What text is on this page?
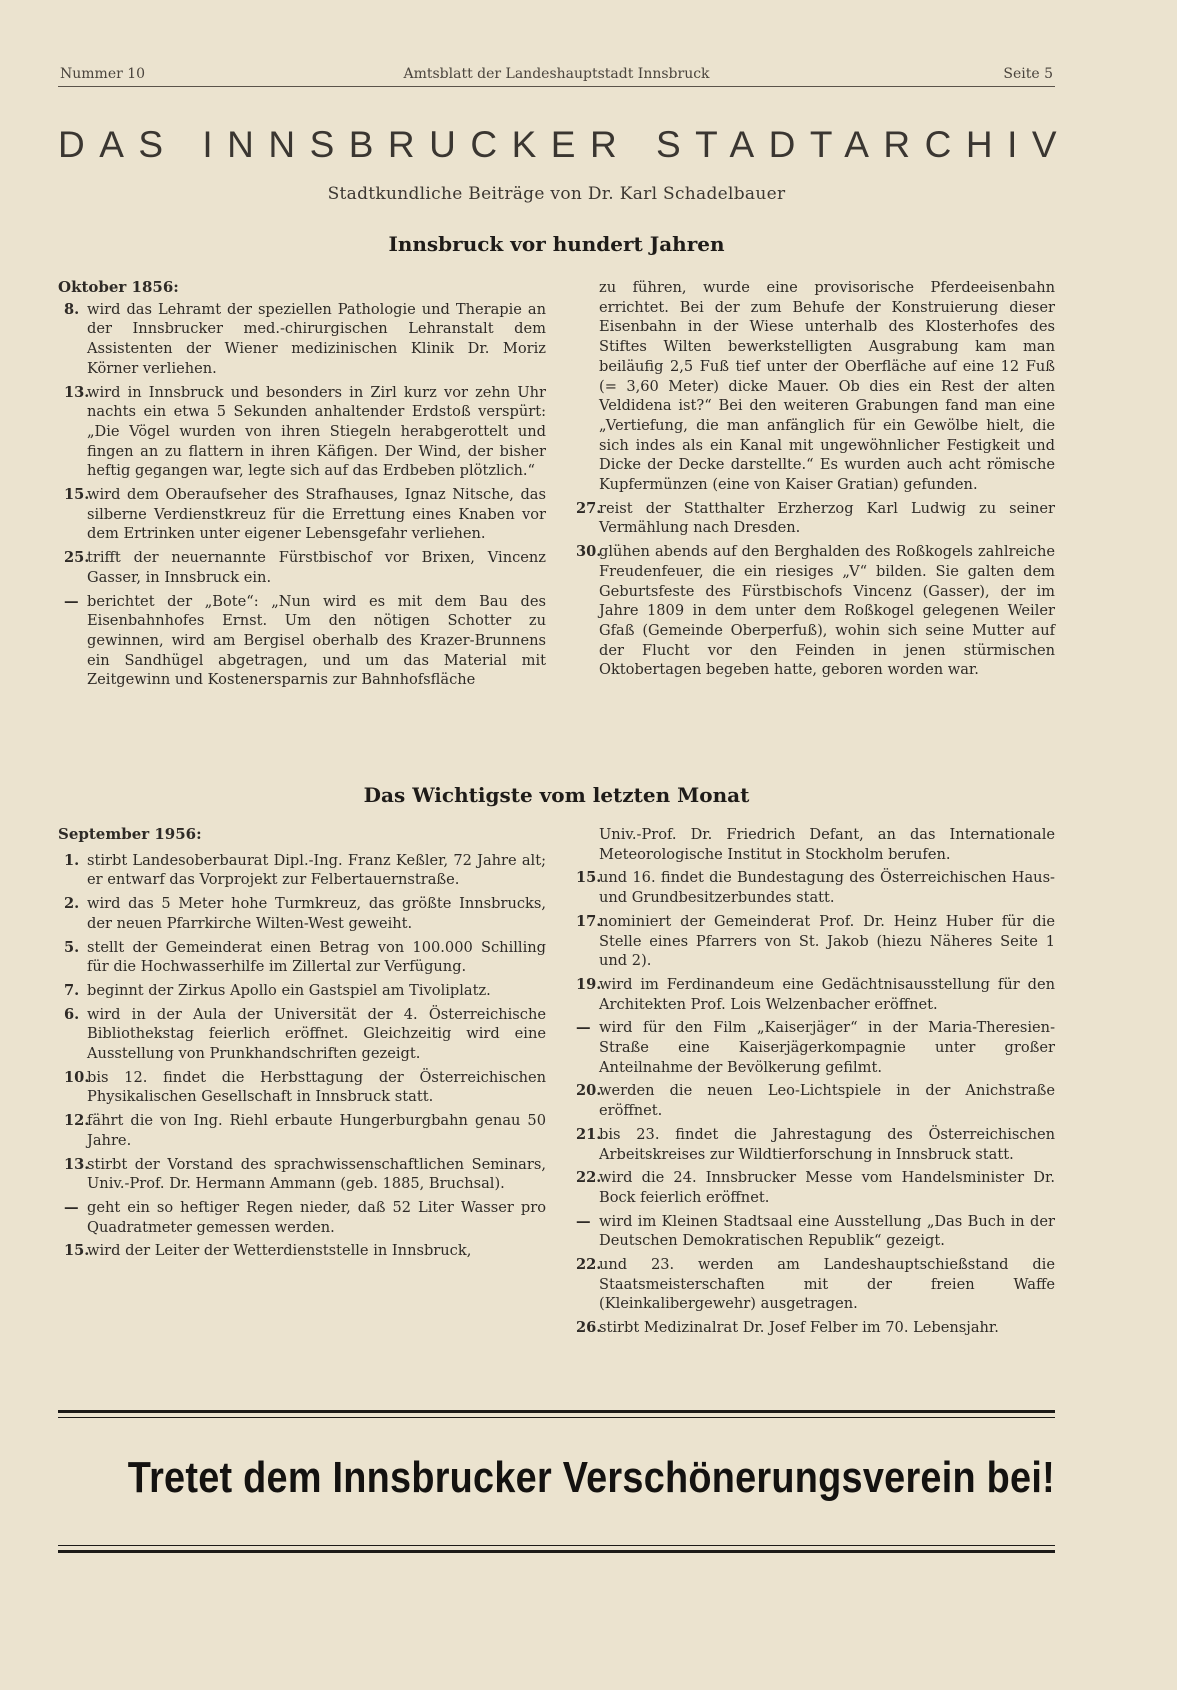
Nummer 10	Amtsblatt der Landeshauptstadt Innsbruck	Seite 5
DAS INNSBRUCKER STADTARCHIV
Stadtkundliche Beiträge von Dr. Karl Schadelbauer
Innsbruck vor hundert Jahren
Oktober 1856:
8. wird das Lehramt der speziellen Pathologie und Therapie an der Innsbrucker med.-chirurgischen Lehranstalt dem Assistenten der Wiener medizinischen Klinik Dr. Moriz Körner verliehen.
13.
wird in Innsbruck und besonders in Zirl kurz vor zehn Uhr nachts ein etwa 5 Sekunden anhaltender Erdstoß verspürt: „Die Vögel wurden von ihren Stiegeln herabgerottelt und fingen an zu flattern in ihren Käfigen. Der Wind, der bisher heftig gegangen war, legte sich auf das Erdbeben plötzlich.“
15.
wird dem Oberaufseher des Strafhauses, Ignaz Nitsche, das silberne Verdienstkreuz für die Errettung eines Knaben vor dem Ertrinken unter eigener Lebensgefahr verliehen.
25.
trifft der neuernannte Fürstbischof vor Brixen, Vincenz Gasser, in Innsbruck ein.
— berichtet der „Bote“: „Nun wird es mit dem Bau des Eisenbahnhofes Ernst. Um den nötigen Schotter zu gewinnen, wird am Bergisel oberhalb des Krazer-Brunnens ein Sandhügel abgetragen, und um das Material mit Zeitgewinn und Kostenersparnis zur Bahnhofsfläche
zu führen, wurde eine provisorische Pferdeeisenbahn errichtet. Bei der zum Behufe der Konstruierung dieser Eisenbahn in der Wiese unterhalb des Klosterhofes des Stiftes Wilten bewerkstelligten Ausgrabung kam man beiläufig 2,5 Fuß tief unter der Oberfläche auf eine 12 Fuß (= 3,60 Meter) dicke Mauer. Ob dies ein Rest der alten Veldidena ist?“ Bei den weiteren Grabungen fand man eine „Vertiefung, die man anfänglich für ein Gewölbe hielt, die sich indes als ein Kanal mit ungewöhnlicher Festigkeit und Dicke der Decke darstellte.“ Es wurden auch acht römische Kupfermünzen (eine von Kaiser Gratian) gefunden.
27.
reist der Statthalter Erzherzog Karl Ludwig zu seiner Vermählung nach Dresden.
30.
glühen abends auf den Berghalden des Roßkogels zahlreiche Freudenfeuer, die ein riesiges „V“ bilden. Sie galten dem Geburtsfeste des Fürstbischofs Vincenz (Gasser), der im Jahre 1809 in dem unter dem Roßkogel gelegenen Weiler Gfaß (Gemeinde Oberperfuß), wohin sich seine Mutter auf der Flucht vor den Feinden in jenen stürmischen Oktobertagen begeben hatte, geboren worden war.
Das Wichtigste vom letzten Monat
September 1956:
1. stirbt Landesoberbaurat Dipl.-Ing. Franz Keßler, 72 Jahre alt; er entwarf das Vorprojekt zur Felbertauernstraße.
2. wird das 5 Meter hohe Turmkreuz, das größte Innsbrucks, der neuen Pfarrkirche Wilten-West geweiht.
5. stellt der Gemeinderat einen Betrag von 100.000 Schilling für die Hochwasserhilfe im Zillertal zur Verfügung.
7. beginnt der Zirkus Apollo ein Gastspiel am Tivoliplatz.
6. wird in der Aula der Universität der 4. Österreichische Bibliothekstag feierlich eröffnet. Gleichzeitig wird eine Ausstellung von Prunkhandschriften gezeigt.
10.
bis 12. findet die Herbsttagung der Österreichischen Physikalischen Gesellschaft in Innsbruck statt.
12.
fährt die von Ing. Riehl erbaute Hungerburgbahn genau 50 Jahre.
13.
stirbt der Vorstand des sprachwissenschaftlichen Seminars, Univ.-Prof. Dr. Hermann Ammann (geb. 1885, Bruchsal).
— geht ein so heftiger Regen nieder, daß 52 Liter Wasser pro Quadratmeter gemessen werden.
15.
wird der Leiter der Wetterdienststelle in Innsbruck,
Univ.-Prof. Dr. Friedrich Defant, an das Internationale Meteorologische Institut in Stockholm berufen.
15.
und 16. findet die Bundestagung des Österreichischen Haus- und Grundbesitzerbundes statt.
17.
nominiert der Gemeinderat Prof. Dr. Heinz Huber für die Stelle eines Pfarrers von St. Jakob (hiezu Näheres Seite 1 und 2).
19.
wird im Ferdinandeum eine Gedächtnisausstellung für den Architekten Prof. Lois Welzenbacher eröffnet.
— wird für den Film „Kaiserjäger“ in der Maria-Theresien-Straße eine Kaiserjägerkompagnie unter großer Anteilnahme der Bevölkerung gefilmt.
20.
werden die neuen Leo-Lichtspiele in der Anichstraße eröffnet.
21.
bis 23. findet die Jahrestagung des Österreichischen Arbeitskreises zur Wildtierforschung in Innsbruck statt.
22.
wird die 24. Innsbrucker Messe vom Handelsminister Dr. Bock feierlich eröffnet.
— wird im Kleinen Stadtsaal eine Ausstellung „Das Buch in der Deutschen Demokratischen Republik“ gezeigt.
22.
und 23. werden am Landeshauptschießstand die Staatsmeisterschaften mit der freien Waffe (Kleinkalibergewehr) ausgetragen.
26.
stirbt Medizinalrat Dr. Josef Felber im 70. Lebensjahr.
Tretet dem Innsbrucker Verschönerungsverein bei!
